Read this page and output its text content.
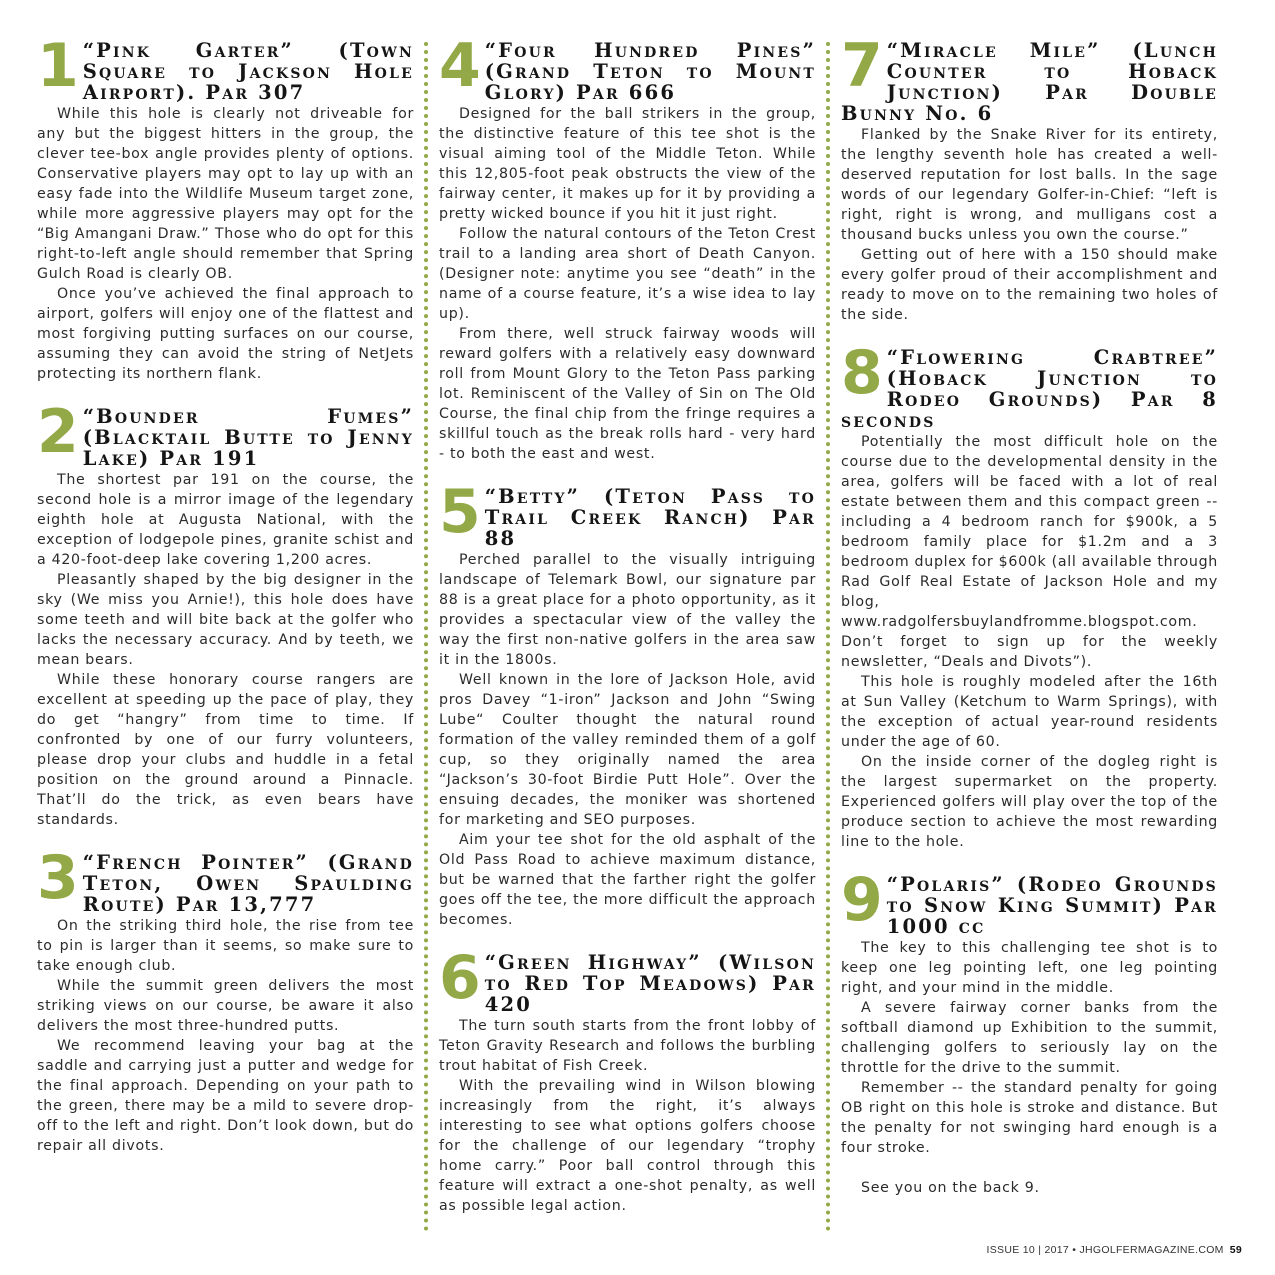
1 “Pink Garter” (Town Square to Jackson Hole Airport). Par 307
While this hole is clearly not driveable for any but the biggest hitters in the group, the clever tee-box angle provides plenty of options. Conservative players may opt to lay up with an easy fade into the Wildlife Museum target zone, while more aggressive players may opt for the “Big Amangani Draw.” Those who do opt for this right-to-left angle should remember that Spring Gulch Road is clearly OB.
Once you’ve achieved the final approach to airport, golfers will enjoy one of the flattest and most forgiving putting surfaces on our course, assuming they can avoid the string of NetJets protecting its northern flank.
2 “Bounder Fumes” (Blacktail Butte to Jenny Lake) Par 191
The shortest par 191 on the course, the second hole is a mirror image of the legendary eighth hole at Augusta National, with the exception of lodgepole pines, granite schist and a 420-foot-deep lake covering 1,200 acres.
Pleasantly shaped by the big designer in the sky (We miss you Arnie!), this hole does have some teeth and will bite back at the golfer who lacks the necessary accuracy. And by teeth, we mean bears.
While these honorary course rangers are excellent at speeding up the pace of play, they do get “hangry” from time to time. If confronted by one of our furry volunteers, please drop your clubs and huddle in a fetal position on the ground around a Pinnacle. That’ll do the trick, as even bears have standards.
3 “French Pointer” (Grand Teton, Owen Spaulding Route) Par 13,777
On the striking third hole, the rise from tee to pin is larger than it seems, so make sure to take enough club.
While the summit green delivers the most striking views on our course, be aware it also delivers the most three-hundred putts.
We recommend leaving your bag at the saddle and carrying just a putter and wedge for the final approach. Depending on your path to the green, there may be a mild to severe drop-off to the left and right. Don’t look down, but do repair all divots.
4 “Four Hundred Pines” (Grand Teton to Mount Glory) Par 666
Designed for the ball strikers in the group, the distinctive feature of this tee shot is the visual aiming tool of the Middle Teton. While this 12,805-foot peak obstructs the view of the fairway center, it makes up for it by providing a pretty wicked bounce if you hit it just right.
Follow the natural contours of the Teton Crest trail to a landing area short of Death Canyon. (Designer note: anytime you see “death” in the name of a course feature, it’s a wise idea to lay up).
From there, well struck fairway woods will reward golfers with a relatively easy downward roll from Mount Glory to the Teton Pass parking lot. Reminiscent of the Valley of Sin on The Old Course, the final chip from the fringe requires a skillful touch as the break rolls hard - very hard - to both the east and west.
5 “Betty” (Teton Pass to Trail Creek Ranch) Par 88
Perched parallel to the visually intriguing landscape of Telemark Bowl, our signature par 88 is a great place for a photo opportunity, as it provides a spectacular view of the valley the way the first non-native golfers in the area saw it in the 1800s.
Well known in the lore of Jackson Hole, avid pros Davey “1-iron” Jackson and John “Swing Lube“ Coulter thought the natural round formation of the valley reminded them of a golf cup, so they originally named the area “Jackson’s 30-foot Birdie Putt Hole”. Over the ensuing decades, the moniker was shortened for marketing and SEO purposes.
Aim your tee shot for the old asphalt of the Old Pass Road to achieve maximum distance, but be warned that the farther right the golfer goes off the tee, the more difficult the approach becomes.
6 “Green Highway” (Wilson to Red Top Meadows) Par 420
The turn south starts from the front lobby of Teton Gravity Research and follows the burbling trout habitat of Fish Creek.
With the prevailing wind in Wilson blowing increasingly from the right, it’s always interesting to see what options golfers choose for the challenge of our legendary “trophy home carry.” Poor ball control through this feature will extract a one-shot penalty, as well as possible legal action.
7 “Miracle Mile” (Lunch Counter to Hoback Junction) Par Double Bunny No. 6
Flanked by the Snake River for its entirety, the lengthy seventh hole has created a well-deserved reputation for lost balls. In the sage words of our legendary Golfer-in-Chief: “left is right, right is wrong, and mulligans cost a thousand bucks unless you own the course.”
Getting out of here with a 150 should make every golfer proud of their accomplishment and ready to move on to the remaining two holes of the side.
8 “Flowering Crabtree” (Hoback Junction to Rodeo Grounds) Par 8 seconds
Potentially the most difficult hole on the course due to the developmental density in the area, golfers will be faced with a lot of real estate between them and this compact green -- including a 4 bedroom ranch for $900k, a 5 bedroom family place for $1.2m and a 3 bedroom duplex for $600k (all available through Rad Golf Real Estate of Jackson Hole and my blog, www.radgolfersbuylandfromme.blogspot.com. Don’t forget to sign up for the weekly newsletter, “Deals and Divots”).
This hole is roughly modeled after the 16th at Sun Valley (Ketchum to Warm Springs), with the exception of actual year-round residents under the age of 60.
On the inside corner of the dogleg right is the largest supermarket on the property. Experienced golfers will play over the top of the produce section to achieve the most rewarding line to the hole.
9 “Polaris” (Rodeo Grounds to Snow King Summit) Par 1000 cc
The key to this challenging tee shot is to keep one leg pointing left, one leg pointing right, and your mind in the middle.
A severe fairway corner banks from the softball diamond up Exhibition to the summit, challenging golfers to seriously lay on the throttle for the drive to the summit.
Remember -- the standard penalty for going OB right on this hole is stroke and distance. But the penalty for not swinging hard enough is a four stroke.
See you on the back 9.
ISSUE 10 | 2017 • JHGOLFERMAGAZINE.COM 59
